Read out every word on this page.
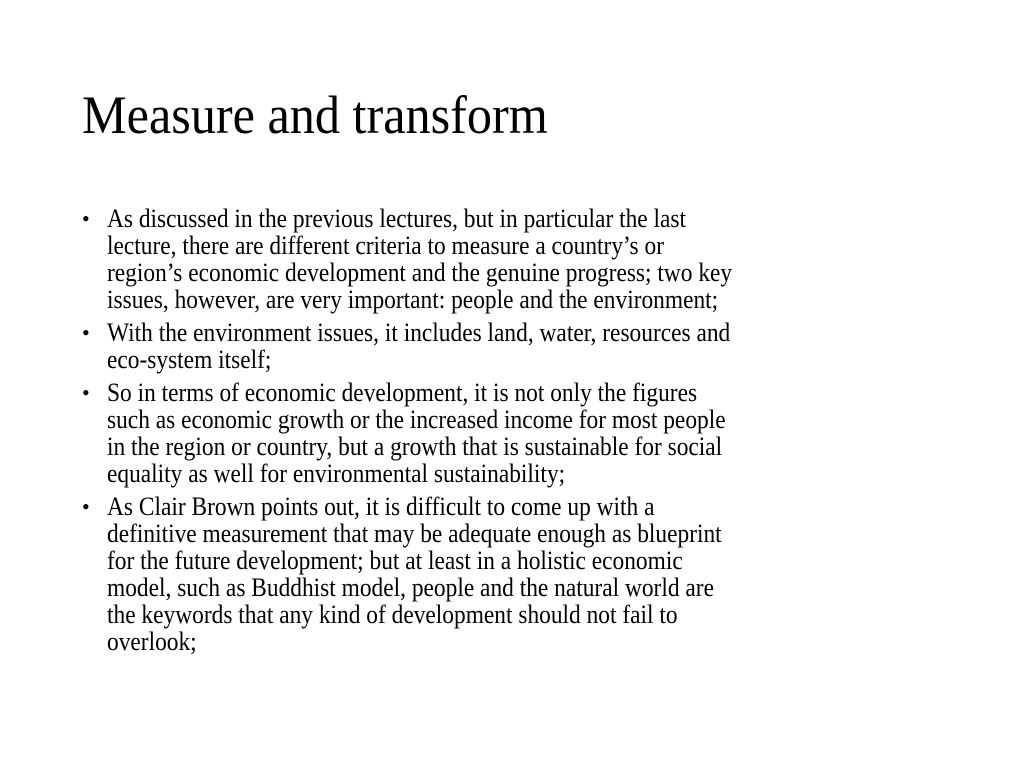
Measure and transform
• As discussed in the previous lectures, but in particular the last
lecture, there are different criteria to measure a country’s or
region’s economic development and the genuine progress; two key
issues, however, are very important: people and the environment;
• With the environment issues, it includes land, water, resources and
eco-system itself;
• So in terms of economic development, it is not only the figures
such as economic growth or the increased income for most people
in the region or country, but a growth that is sustainable for social
equality as well for environmental sustainability;
• As Clair Brown points out, it is difficult to come up with a
definitive measurement that may be adequate enough as blueprint
for the future development; but at least in a holistic economic
model, such as Buddhist model, people and the natural world are
the keywords that any kind of development should not fail to
overlook;
